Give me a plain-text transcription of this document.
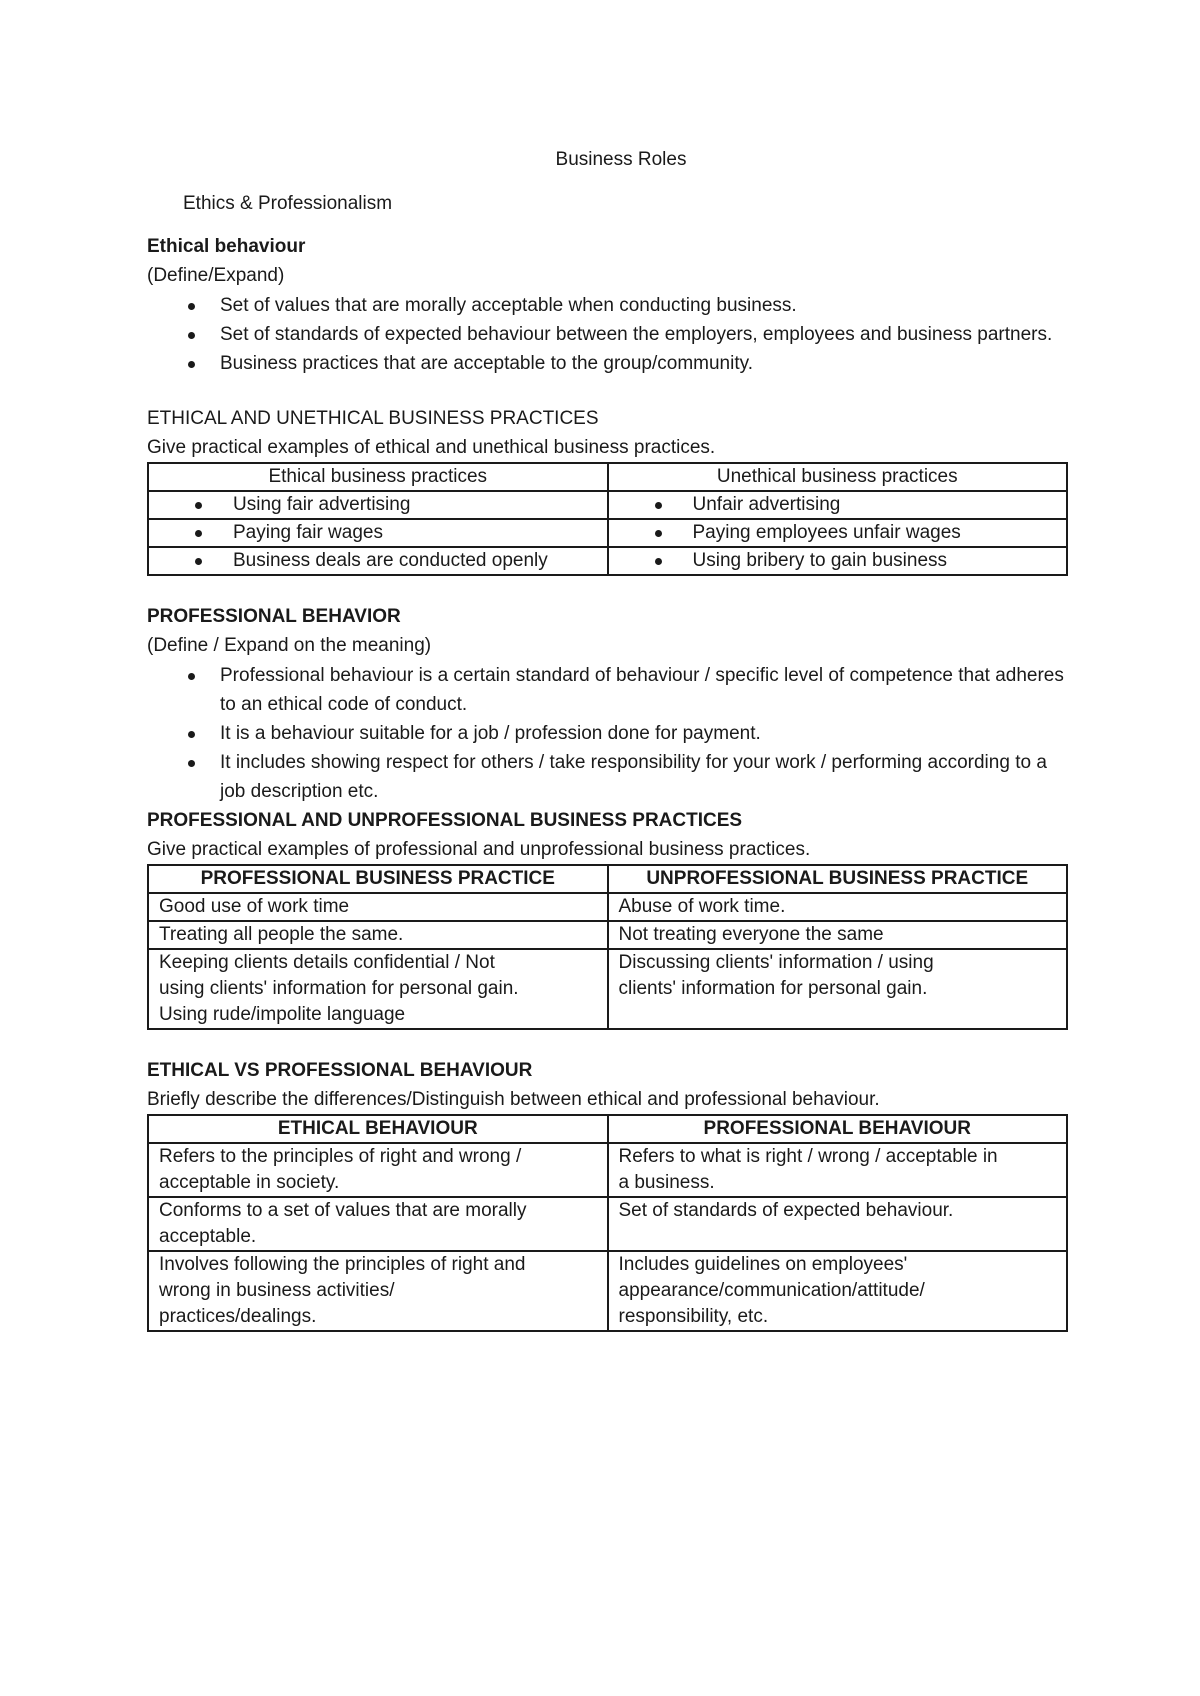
Business Roles
Ethics & Professionalism
Ethical behaviour
(Define/Expand)
Set of values that are morally acceptable when conducting business.
Set of standards of expected behaviour between the employers, employees and business partners.
Business practices that are acceptable to the group/community.
ETHICAL AND UNETHICAL BUSINESS PRACTICES
Give practical examples of ethical and unethical business practices.
Ethical business practices	Unethical business practices
Using fair advertising	Unfair advertising
Paying fair wages	Paying employees unfair wages
Business deals are conducted openly	Using bribery to gain business
PROFESSIONAL BEHAVIOR
(Define / Expand on the meaning)
Professional behaviour is a certain standard of behaviour / specific level of competence that adheres to an ethical code of conduct.
It is a behaviour suitable for a job / profession done for payment.
It includes showing respect for others / take responsibility for your work / performing according to a job description etc.
PROFESSIONAL AND UNPROFESSIONAL BUSINESS PRACTICES
Give practical examples of professional and unprofessional business practices.
PROFESSIONAL BUSINESS PRACTICE	UNPROFESSIONAL BUSINESS PRACTICE

Good use of work time	Abuse of work time.

Treating all people the same.	Not treating everyone the same

Keeping clients details confidential / Not
using clients' information for personal gain.
Using rude/impolite language	Discussing clients' information / using
clients' information for personal gain.
ETHICAL VS PROFESSIONAL BEHAVIOUR
Briefly describe the differences/Distinguish between ethical and professional behaviour.
ETHICAL BEHAVIOUR	PROFESSIONAL BEHAVIOUR

Refers to the principles of right and wrong /
acceptable in society.	Refers to what is right / wrong / acceptable in
a business.

Conforms to a set of values that are morally
acceptable.	Set of standards of expected behaviour.

Involves following the principles of right and
wrong in business activities/
practices/dealings.	Includes guidelines on employees'
appearance/communication/attitude/
responsibility, etc.
